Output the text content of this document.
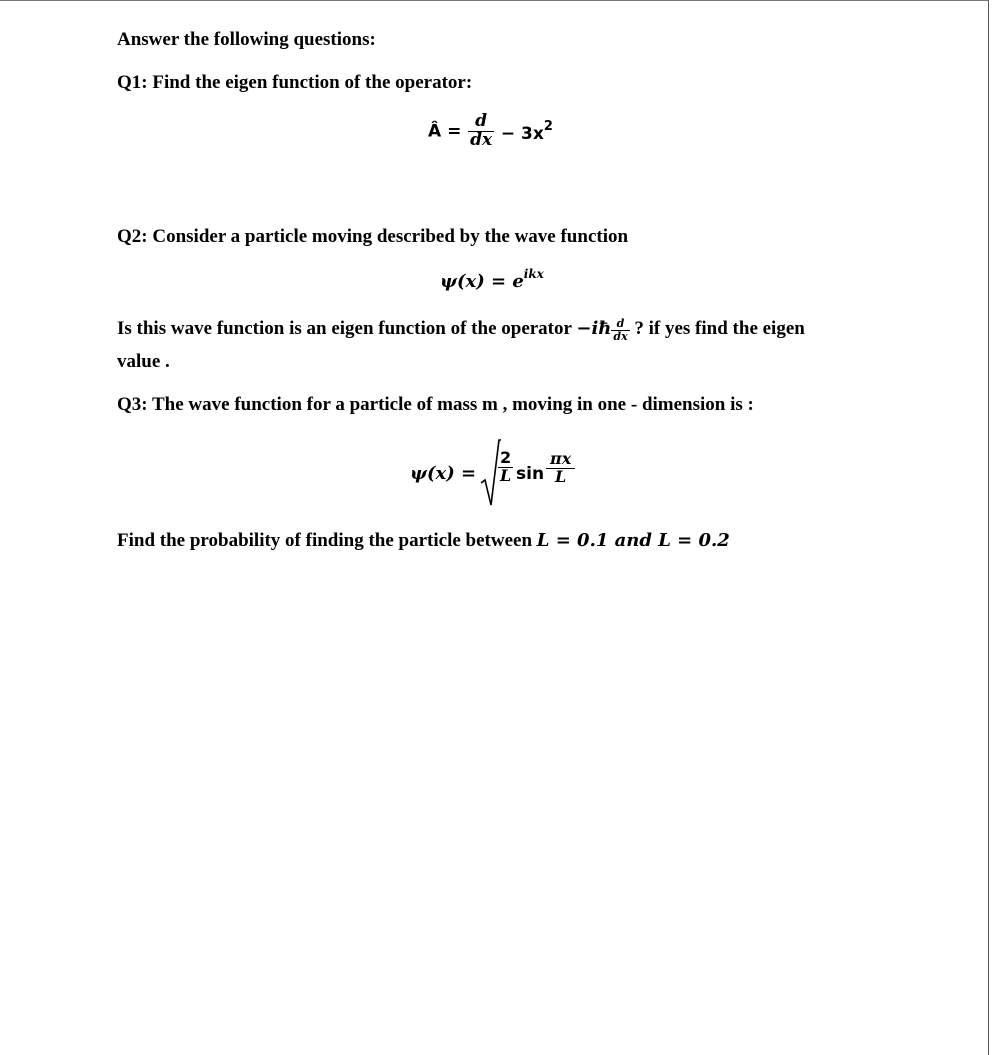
Answer the following questions:
Q1: Find the eigen function of the operator:
Â = $\frac{d}{dx} - 3x^2$
Q2: Consider a particle moving described by the wave function
$\psi(x) = e^{ikx}$
Is this wave function is an eigen function of the operator −iħ $\frac{d}{dx}$ ? if yes find the eigen
value .
Q3: The wave function for a particle of mass m , moving in one - dimension is :
$\psi(x) = \frac{2}{L}$ $\sin \frac{\pi x}{L}$
Find the probability of finding the particle between L = 0.1 and L = 0.2
